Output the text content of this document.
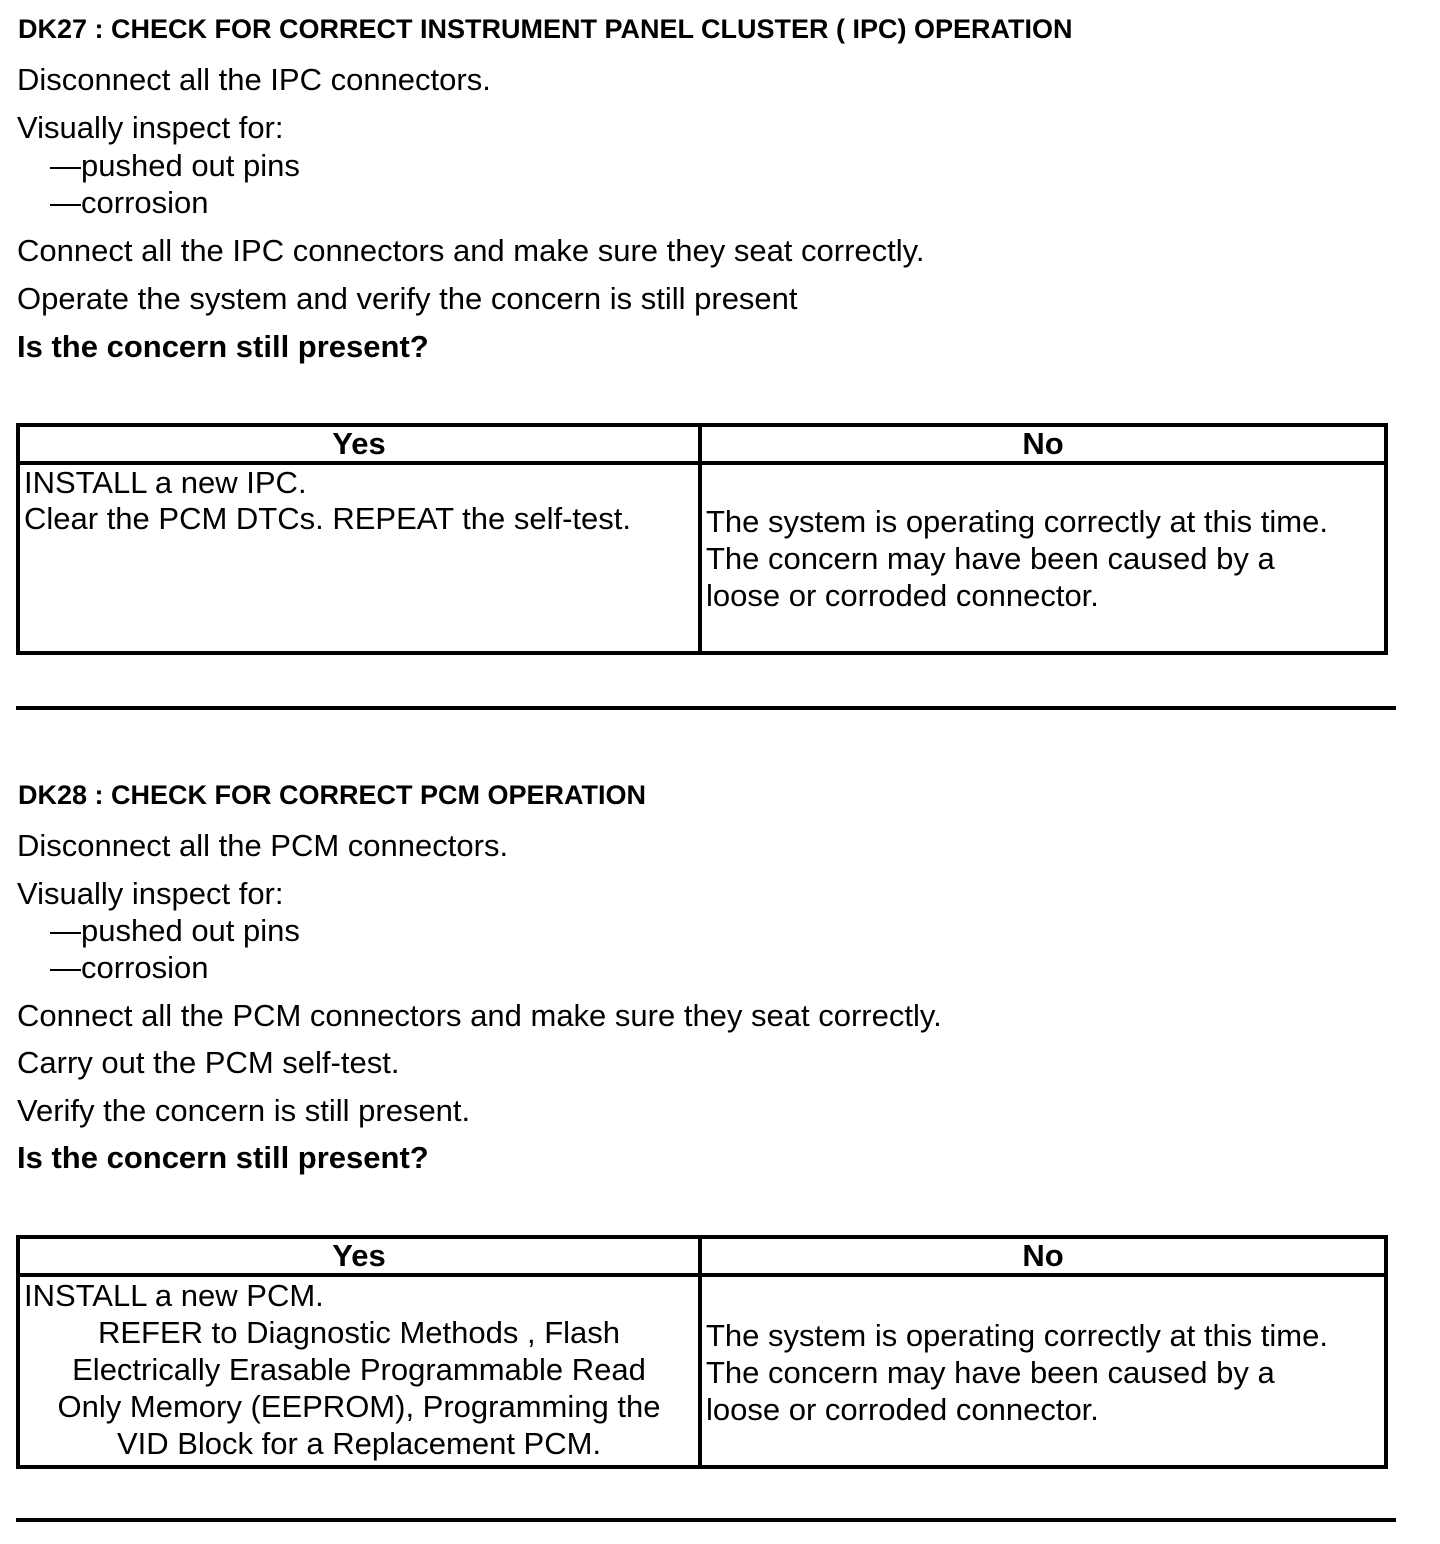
DK27 : CHECK FOR CORRECT INSTRUMENT PANEL CLUSTER ( IPC) OPERATION
Disconnect all the IPC connectors.
Visually inspect for:
—pushed out pins
—corrosion
Connect all the IPC connectors and make sure they seat correctly.
Operate the system and verify the concern is still present
Is the concern still present?
Yes	No

INSTALL a new IPC.
Clear the PCM DTCs. REPEAT the self-test.	The system is operating correctly at this time.
The concern may have been caused by a
loose or corroded connector.
DK28 : CHECK FOR CORRECT PCM OPERATION
Disconnect all the PCM connectors.
Visually inspect for:
—pushed out pins
—corrosion
Connect all the PCM connectors and make sure they seat correctly.
Carry out the PCM self-test.
Verify the concern is still present.
Is the concern still present?
Yes	No

INSTALL a new PCM.
REFER to Diagnostic Methods , Flash
Electrically Erasable Programmable Read
Only Memory (EEPROM), Programming the
VID Block for a Replacement PCM.	The system is operating correctly at this time.
The concern may have been caused by a
loose or corroded connector.
